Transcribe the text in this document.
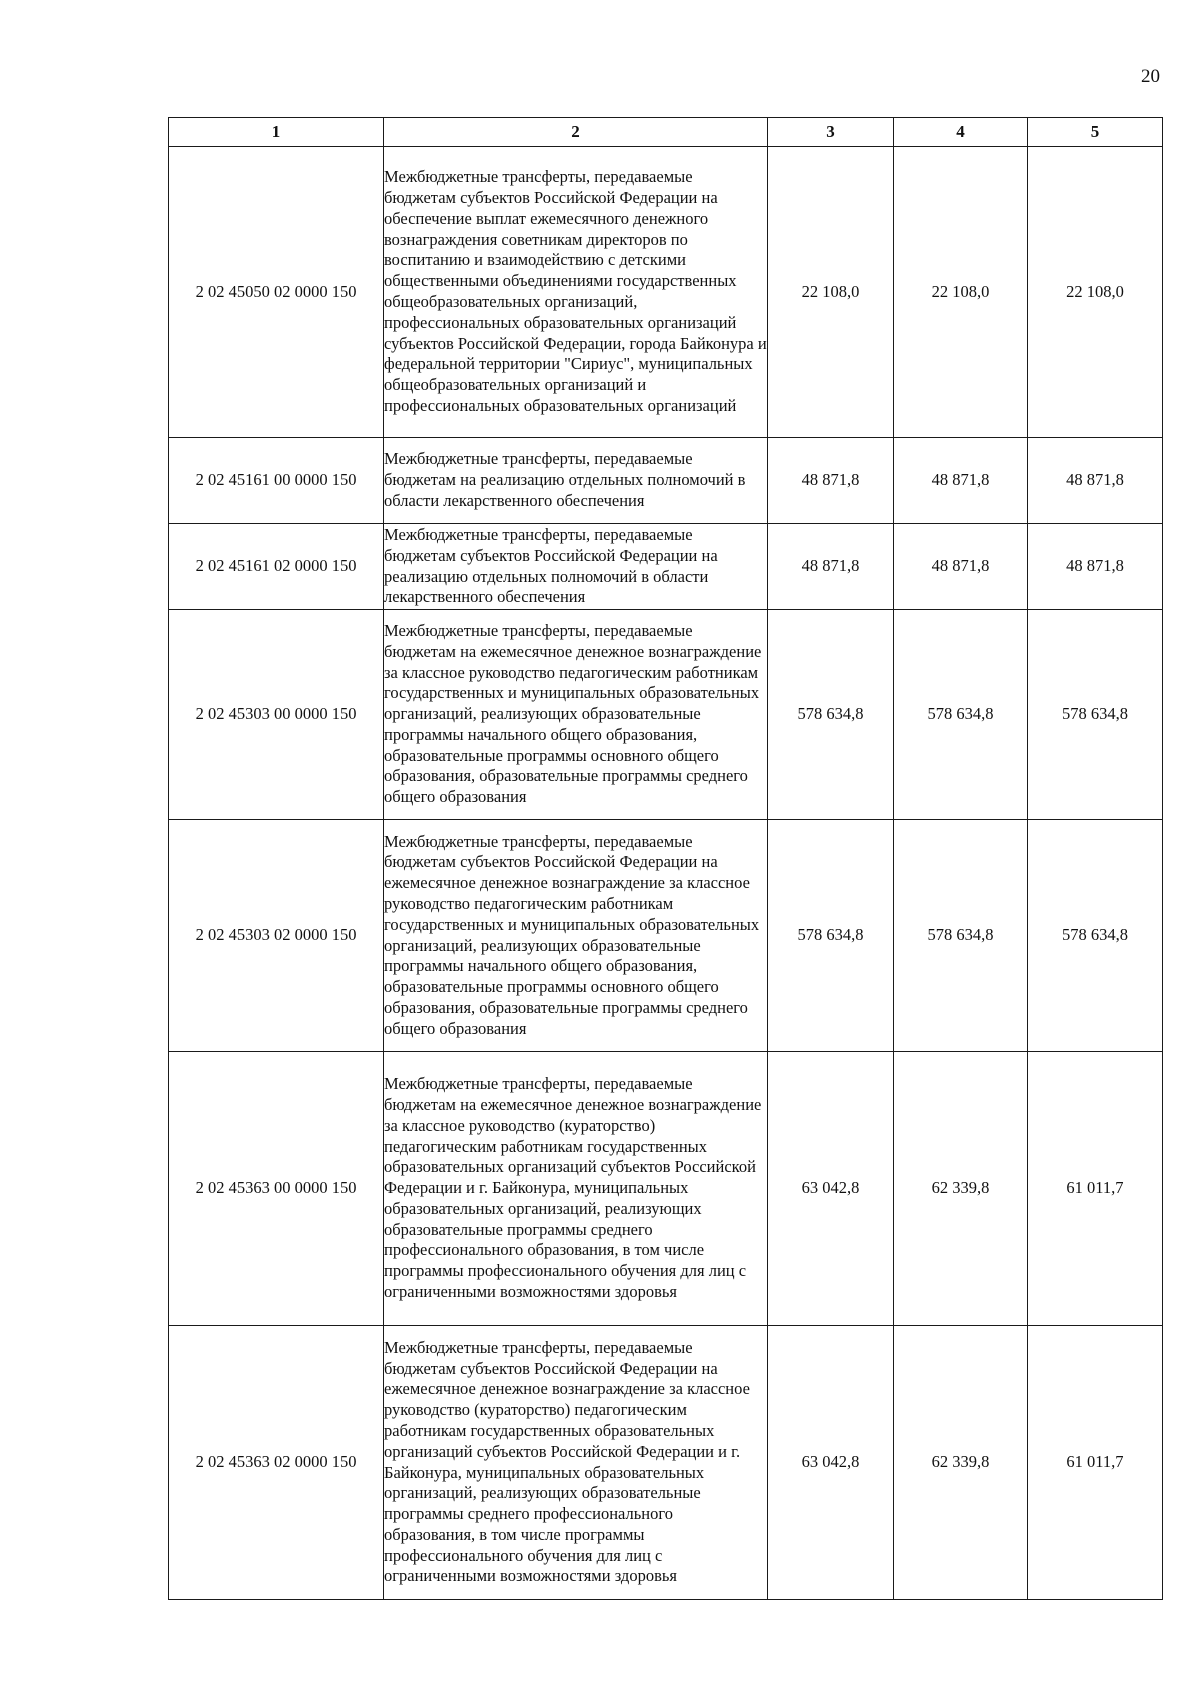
20
1	2	3	4	5
2 02 45050 02 0000 150	Межбюджетные трансферты, передаваемые бюджетам субъектов Российской Федерации на обеспечение выплат ежемесячного денежного вознаграждения советникам директоров по воспитанию и взаимодействию с детскими общественными объединениями государственных общеобразовательных организаций, профессиональных образовательных организаций субъектов Российской Федерации, города Байконура и федеральной территории "Сириус", муниципальных общеобразовательных организаций и профессиональных образовательных организаций	22 108,0	22 108,0	22 108,0
2 02 45161 00 0000 150	Межбюджетные трансферты, передаваемые бюджетам на реализацию отдельных полномочий в области лекарственного обеспечения	48 871,8	48 871,8	48 871,8
2 02 45161 02 0000 150	Межбюджетные трансферты, передаваемые бюджетам субъектов Российской Федерации на реализацию отдельных полномочий в области лекарственного обеспечения	48 871,8	48 871,8	48 871,8
2 02 45303 00 0000 150	Межбюджетные трансферты, передаваемые бюджетам на ежемесячное денежное вознаграждение за классное руководство педагогическим работникам государственных и муниципальных образовательных организаций, реализующих образовательные программы начального общего образования, образовательные программы основного общего образования, образовательные программы среднего общего образования	578 634,8	578 634,8	578 634,8
2 02 45303 02 0000 150	Межбюджетные трансферты, передаваемые бюджетам субъектов Российской Федерации на ежемесячное денежное вознаграждение за классное руководство педагогическим работникам государственных и муниципальных образовательных организаций, реализующих образовательные программы начального общего образования, образовательные программы основного общего образования, образовательные программы среднего общего образования	578 634,8	578 634,8	578 634,8
2 02 45363 00 0000 150	Межбюджетные трансферты, передаваемые бюджетам на ежемесячное денежное вознаграждение за классное руководство (кураторство) педагогическим работникам государственных образовательных организаций субъектов Российской Федерации и г. Байконура, муниципальных образовательных организаций, реализующих образовательные программы среднего профессионального образования, в том числе программы профессионального обучения для лиц с ограниченными возможностями здоровья	63 042,8	62 339,8	61 011,7
2 02 45363 02 0000 150	Межбюджетные трансферты, передаваемые бюджетам субъектов Российской Федерации на ежемесячное денежное вознаграждение за классное руководство (кураторство) педагогическим работникам государственных образовательных организаций субъектов Российской Федерации и г. Байконура, муниципальных образовательных организаций, реализующих образовательные программы среднего профессионального образования, в том числе программы профессионального обучения для лиц с ограниченными возможностями здоровья	63 042,8	62 339,8	61 011,7
